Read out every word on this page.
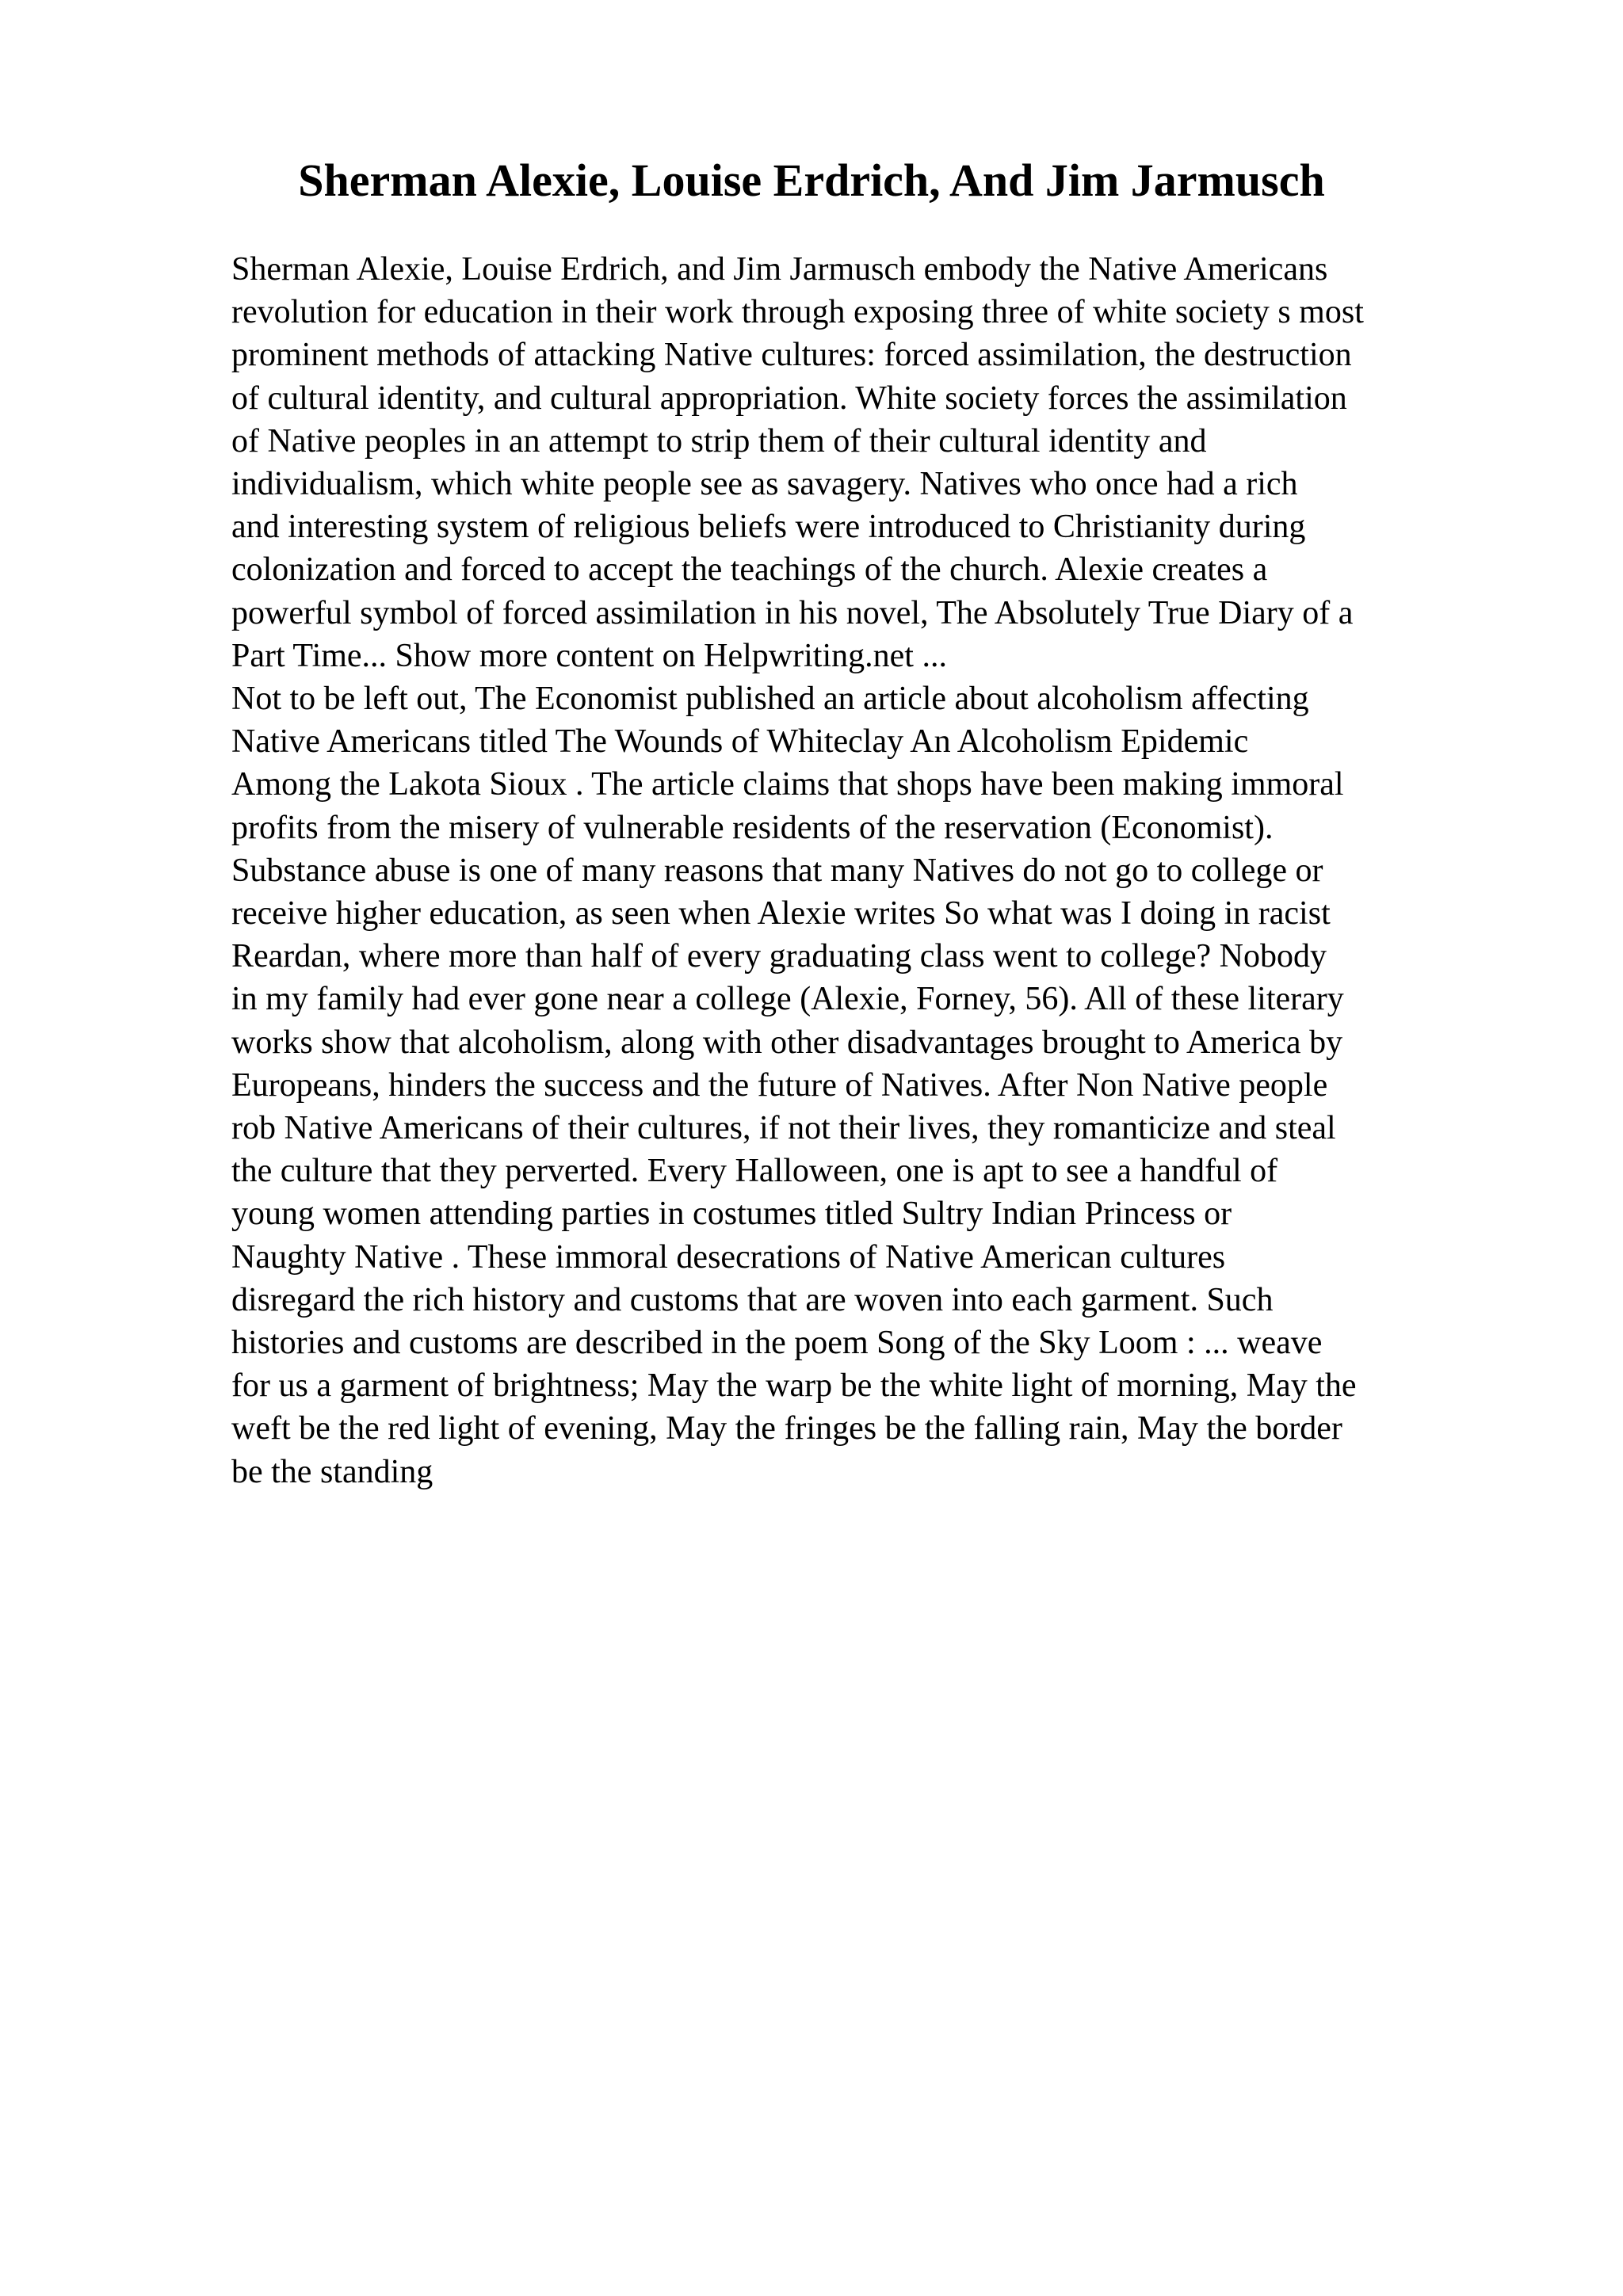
Sherman Alexie, Louise Erdrich, And Jim Jarmusch
Sherman Alexie, Louise Erdrich, and Jim Jarmusch embody the Native Americans
revolution for education in their work through exposing three of white society s most
prominent methods of attacking Native cultures: forced assimilation, the destruction
of cultural identity, and cultural appropriation. White society forces the assimilation
of Native peoples in an attempt to strip them of their cultural identity and
individualism, which white people see as savagery. Natives who once had a rich
and interesting system of religious beliefs were introduced to Christianity during
colonization and forced to accept the teachings of the church. Alexie creates a
powerful symbol of forced assimilation in his novel, The Absolutely True Diary of a
Part Time... Show more content on Helpwriting.net ...
Not to be left out, The Economist published an article about alcoholism affecting
Native Americans titled The Wounds of Whiteclay An Alcoholism Epidemic
Among the Lakota Sioux . The article claims that shops have been making immoral
profits from the misery of vulnerable residents of the reservation (Economist).
Substance abuse is one of many reasons that many Natives do not go to college or
receive higher education, as seen when Alexie writes So what was I doing in racist
Reardan, where more than half of every graduating class went to college? Nobody
in my family had ever gone near a college (Alexie, Forney, 56). All of these literary
works show that alcoholism, along with other disadvantages brought to America by
Europeans, hinders the success and the future of Natives. After Non Native people
rob Native Americans of their cultures, if not their lives, they romanticize and steal
the culture that they perverted. Every Halloween, one is apt to see a handful of
young women attending parties in costumes titled Sultry Indian Princess or
Naughty Native . These immoral desecrations of Native American cultures
disregard the rich history and customs that are woven into each garment. Such
histories and customs are described in the poem Song of the Sky Loom : ... weave
for us a garment of brightness; May the warp be the white light of morning, May the
weft be the red light of evening, May the fringes be the falling rain, May the border
be the standing
